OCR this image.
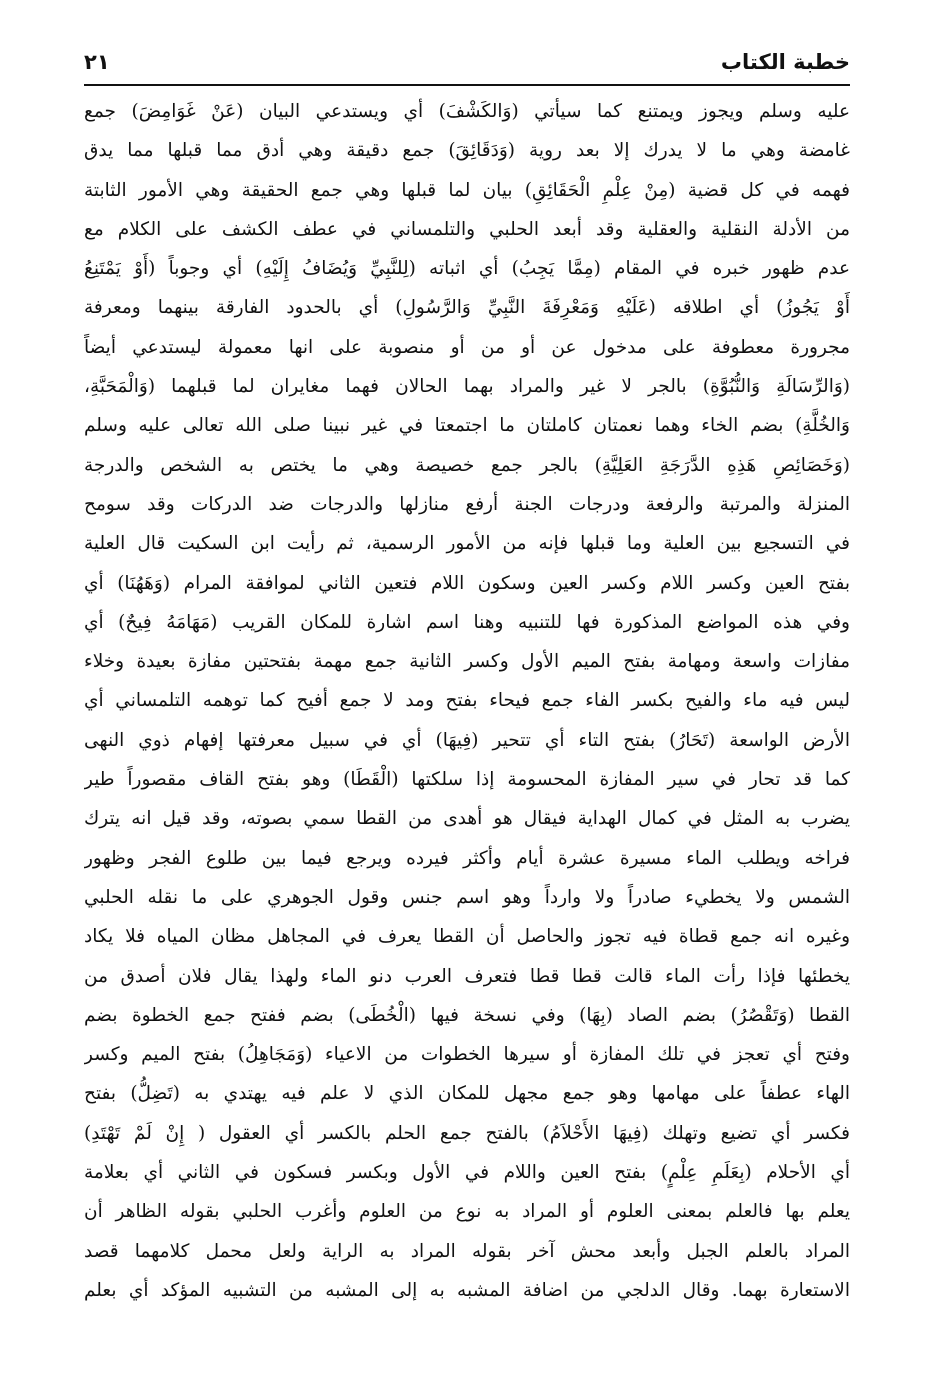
خطبة الكتاب
٢١
عليه وسلم ويجوز ويمتنع كما سيأتي (وَالكَشْفَ) أي ويستدعي البيان (عَنْ غَوَامِضَ) جمع
غامضة وهي ما لا يدرك إلا بعد روية (وَدَقَائِقَ) جمع دقيقة وهي أدق مما قبلها مما يدق
فهمه في كل قضية (مِنْ عِلْمِ الْحَقَائِقِ) بيان لما قبلها وهي جمع الحقيقة وهي الأمور الثابتة
من الأدلة النقلية والعقلية وقد أبعد الحلبي والتلمساني في عطف الكشف على الكلام مع
عدم ظهور خبره في المقام (مِمَّا يَجِبُ) أي اثباته (لِلنَّبِيِّ وَيُضَافُ إِلَيْهِ) أي وجوباً (أَوْ يَمْتَنِعُ
أَوْ يَجُوزُ) أي اطلاقه (عَلَيْهِ وَمَعْرِفَةَ النَّبِيِّ وَالرَّسُولِ) أي بالحدود الفارقة بينهما ومعرفة
مجرورة معطوفة على مدخول عن أو من أو منصوبة على انها معمولة ليستدعي أيضاً
(وَالرِّسَالَةِ وَالنُّبُوَّةِ) بالجر لا غير والمراد بهما الحالان فهما مغايران لما قبلهما (وَالْمَحَبَّةِ،
وَالخُلَّةِ) بضم الخاء وهما نعمتان كاملتان ما اجتمعتا في غير نبينا صلى الله تعالى عليه وسلم
(وَخَصَائِصِ هَذِهِ الدَّرَجَةِ العَلِيَّةِ) بالجر جمع خصيصة وهي ما يختص به الشخص والدرجة
المنزلة والمرتبة والرفعة ودرجات الجنة أرفع منازلها والدرجات ضد الدركات وقد سومح
في التسجيع بين العلية وما قبلها فإنه من الأمور الرسمية، ثم رأيت ابن السكيت قال العلية
بفتح العين وكسر اللام وكسر العين وسكون اللام فتعين الثاني لموافقة المرام (وَهَهُنَا) أي
وفي هذه المواضع المذكورة فها للتنبيه وهنا اسم اشارة للمكان القريب (مَهَامَهُ فِيحٌ) أي
مفازات واسعة ومهامة بفتح الميم الأول وكسر الثانية جمع مهمة بفتحتين مفازة بعيدة وخلاء
ليس فيه ماء والفيح بكسر الفاء جمع فيحاء بفتح ومد لا جمع أفيح كما توهمه التلمساني أي
الأرض الواسعة (تَحَارُ) بفتح التاء أي تتحير (فِيهَا) أي في سبيل معرفتها إفهام ذوي النهى
كما قد تحار في سير المفازة المحسومة إذا سلكتها (الْقَطَا) وهو بفتح القاف مقصوراً طير
يضرب به المثل في كمال الهداية فيقال هو أهدى من القطا سمي بصوته، وقد قيل انه يترك
فراخه ويطلب الماء مسيرة عشرة أيام وأكثر فيرده ويرجع فيما بين طلوع الفجر وظهور
الشمس ولا يخطيء صادراً ولا وارداً وهو اسم جنس وقول الجوهري على ما نقله الحلبي
وغيره انه جمع قطاة فيه تجوز والحاصل أن القطا يعرف في المجاهل مظان المياه فلا يكاد
يخطئها فإذا رأت الماء قالت قطا قطا فتعرف العرب دنو الماء ولهذا يقال فلان أصدق من
القطا (وَتَقْصُرُ) بضم الصاد (بِهَا) وفي نسخة فيها (الْخُطَى) بضم ففتح جمع الخطوة بضم
وفتح أي تعجز في تلك المفازة أو سيرها الخطوات من الاعياء (وَمَجَاهِلُ) بفتح الميم وكسر
الهاء عطفاً على مهامها وهو جمع مجهل للمكان الذي لا علم فيه يهتدي به (تَضِلُّ) بفتح
فكسر أي تضيع وتهلك (فِيهَا الأَحْلاَمُ) بالفتح جمع الحلم بالكسر أي العقول ( إِنْ لَمْ تَهْتَدِ)
أي الأحلام (بِعَلَمِ عِلْمٍ) بفتح العين واللام في الأول وبكسر فسكون في الثاني أي بعلامة
يعلم بها فالعلم بمعنى العلوم أو المراد به نوع من العلوم وأغرب الحلبي بقوله الظاهر أن
المراد بالعلم الجبل وأبعد محش آخر بقوله المراد به الراية ولعل محمل كلامهما قصد
الاستعارة بهما. وقال الدلجي من اضافة المشبه به إلى المشبه من التشبيه المؤكد أي بعلم
